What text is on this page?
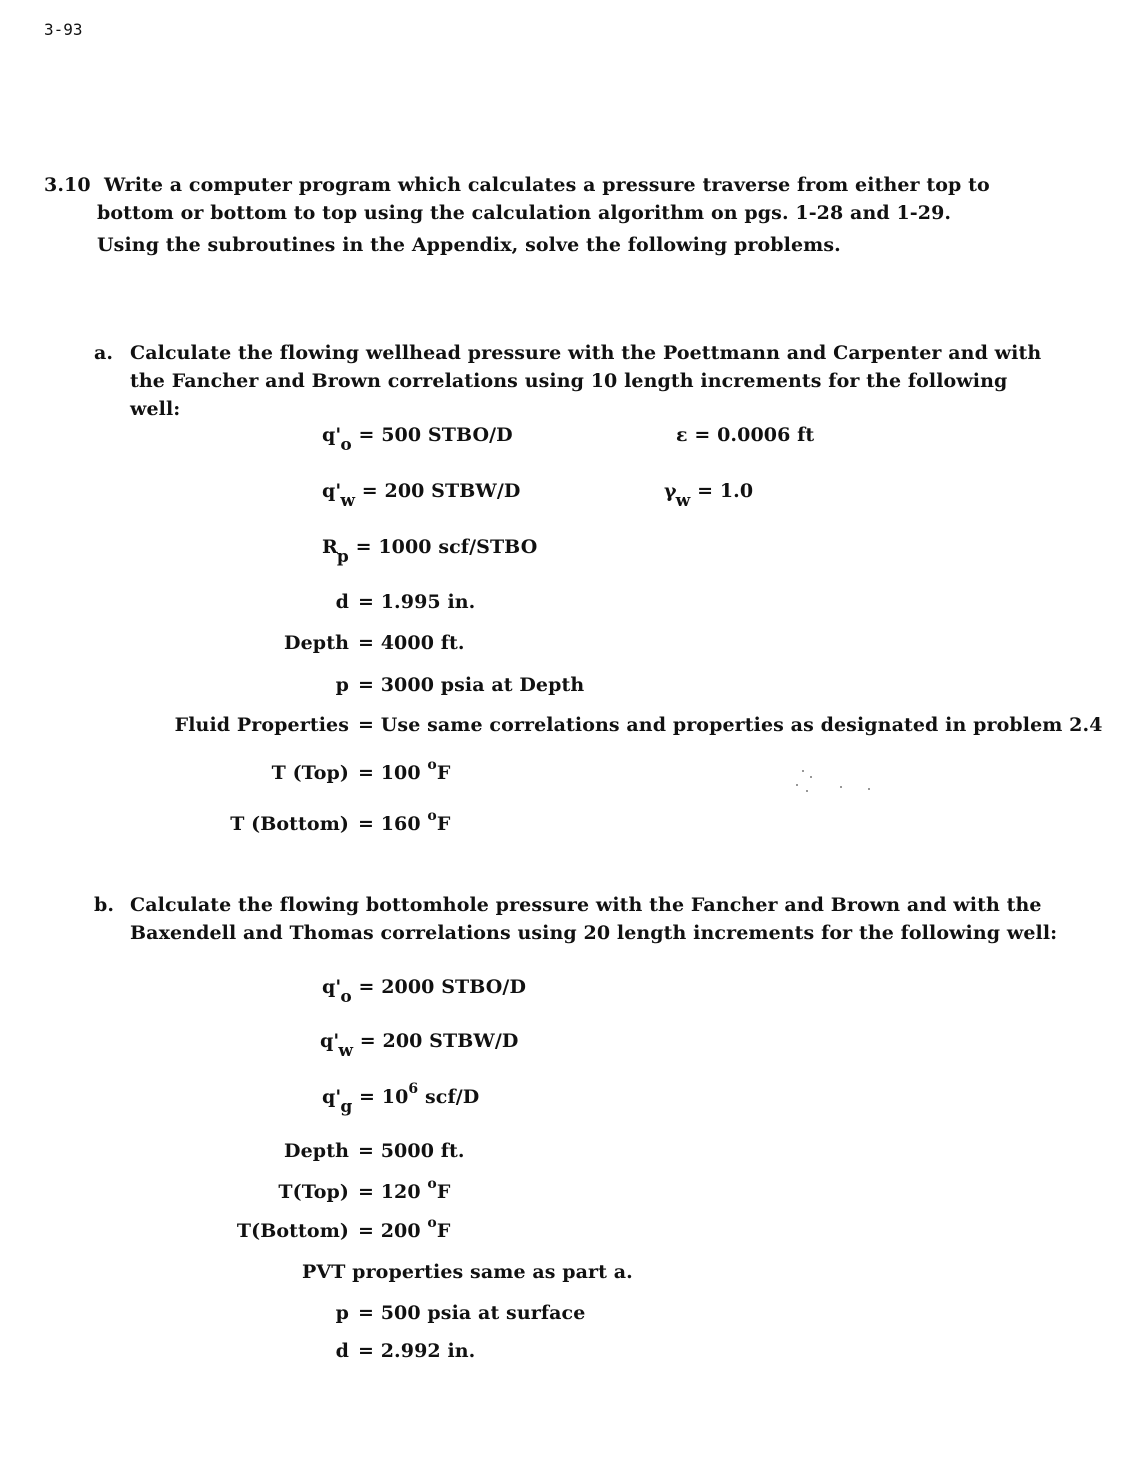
3-93
3.10 Write a computer program which calculates a pressure traverse from either top to
bottom or bottom to top using the calculation algorithm on pgs. 1-28 and 1-29.
Using the subroutines in the Appendix, solve the following problems.
a. Calculate the flowing wellhead pressure with the Poettmann and Carpenter and with
the Fancher and Brown correlations using 10 length increments for the following
well:
q'o = 500 STBO/D	ε = 0.0006 ft
q'w = 200 STBW/D	γw = 1.0
Rp = 1000 scf/STBO
d = 1.995 in.
Depth = 4000 ft.
p = 3000 psia at Depth
Fluid Properties = Use same correlations and properties as designated in problem 2.4
T (Top) = 100 $^o$F
T (Bottom) = 160 $^o$F
b. Calculate the flowing bottomhole pressure with the Fancher and Brown and with the
Baxendell and Thomas correlations using 20 length increments for the following well:
q'o = 2000 STBO/D
q'w = 200 STBW/D
$q'g = 10^6$ scf/D
Depth = 5000 ft.
T(Top) = 120 $^o$F
T(Bottom) = 200 $^o$F
PVT properties same as part a.
p = 500 psia at surface
d = 2.992 in.
